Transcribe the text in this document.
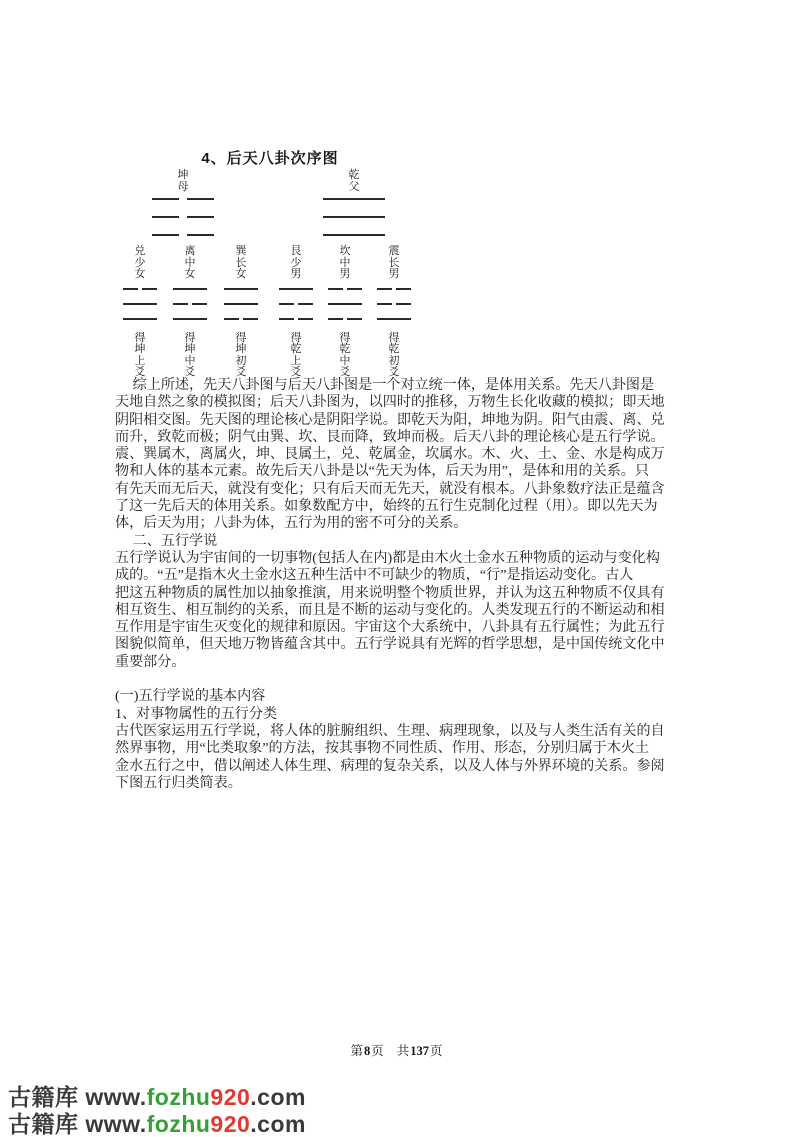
4、后天八卦次序图
坤
母
乾
父
兑
少
女
得
坤
上
爻
离
中
女
得
坤
中
爻
巽
长
女
得
坤
初
爻
艮
少
男
得
乾
上
爻
坎
中
男
得
乾
中
爻
震
长
男
得
乾
初
爻
　 综上所述，先天八卦图与后天八卦图是一个对立统一体，是体用关系。先天八卦图是
天地自然之象的模拟图；后天八卦图为，以四时的推移，万物生长化收藏的模拟；即天地
阴阳相交图。先天图的理论核心是阴阳学说。即乾天为阳，坤地为阴。阳气由震、离、兑
而升，致乾而极；阴气由巽、坎、艮而降，致坤而极。后天八卦的理论核心是五行学说。
震、巽属木，离属火，坤、艮属土，兑、乾属金，坎属水。木、火、土、金、水是构成万
物和人体的基本元素。故先后天八卦是以“先天为体，后天为用”，是体和用的关系。只
有先天而无后天，就没有变化；只有后天而无先天，就没有根本。八卦象数疗法正是蕴含
了这一先后天的体用关系。如象数配方中，始终的五行生克制化过程（用）。即以先天为
体，后天为用；八卦为体，五行为用的密不可分的关系。
　 二、五行学说
五行学说认为宇宙间的一切事物(包括人在内)都是由木火土金水五种物质的运动与变化构
成的。“五”是指木火土金水这五种生活中不可缺少的物质，“行”是指运动变化。古人
把这五种物质的属性加以抽象推演，用来说明整个物质世界，并认为这五种物质不仅具有
相互资生、相互制约的关系，而且是不断的运动与变化的。人类发现五行的不断运动和相
互作用是宇宙生灭变化的规律和原因。宇宙这个大系统中，八卦具有五行属性；为此五行
图貌似简单，但天地万物皆蕴含其中。五行学说具有光辉的哲学思想，是中国传统文化中
重要部分。
(一)五行学说的基本内容
1、对事物属性的五行分类
古代医家运用五行学说，将人体的脏腑组织、生理、病理现象，以及与人类生活有关的自
然界事物，用“比类取象”的方法，按其事物不同性质、作用、形态，分别归属于木火土
金水五行之中，借以阐述人体生理、病理的复杂关系，以及人体与外界环境的关系。参阅
下图五行归类简表。
第8页 共137页
古籍库 www.fozhu920.com
古籍库 www.fozhu920.com
